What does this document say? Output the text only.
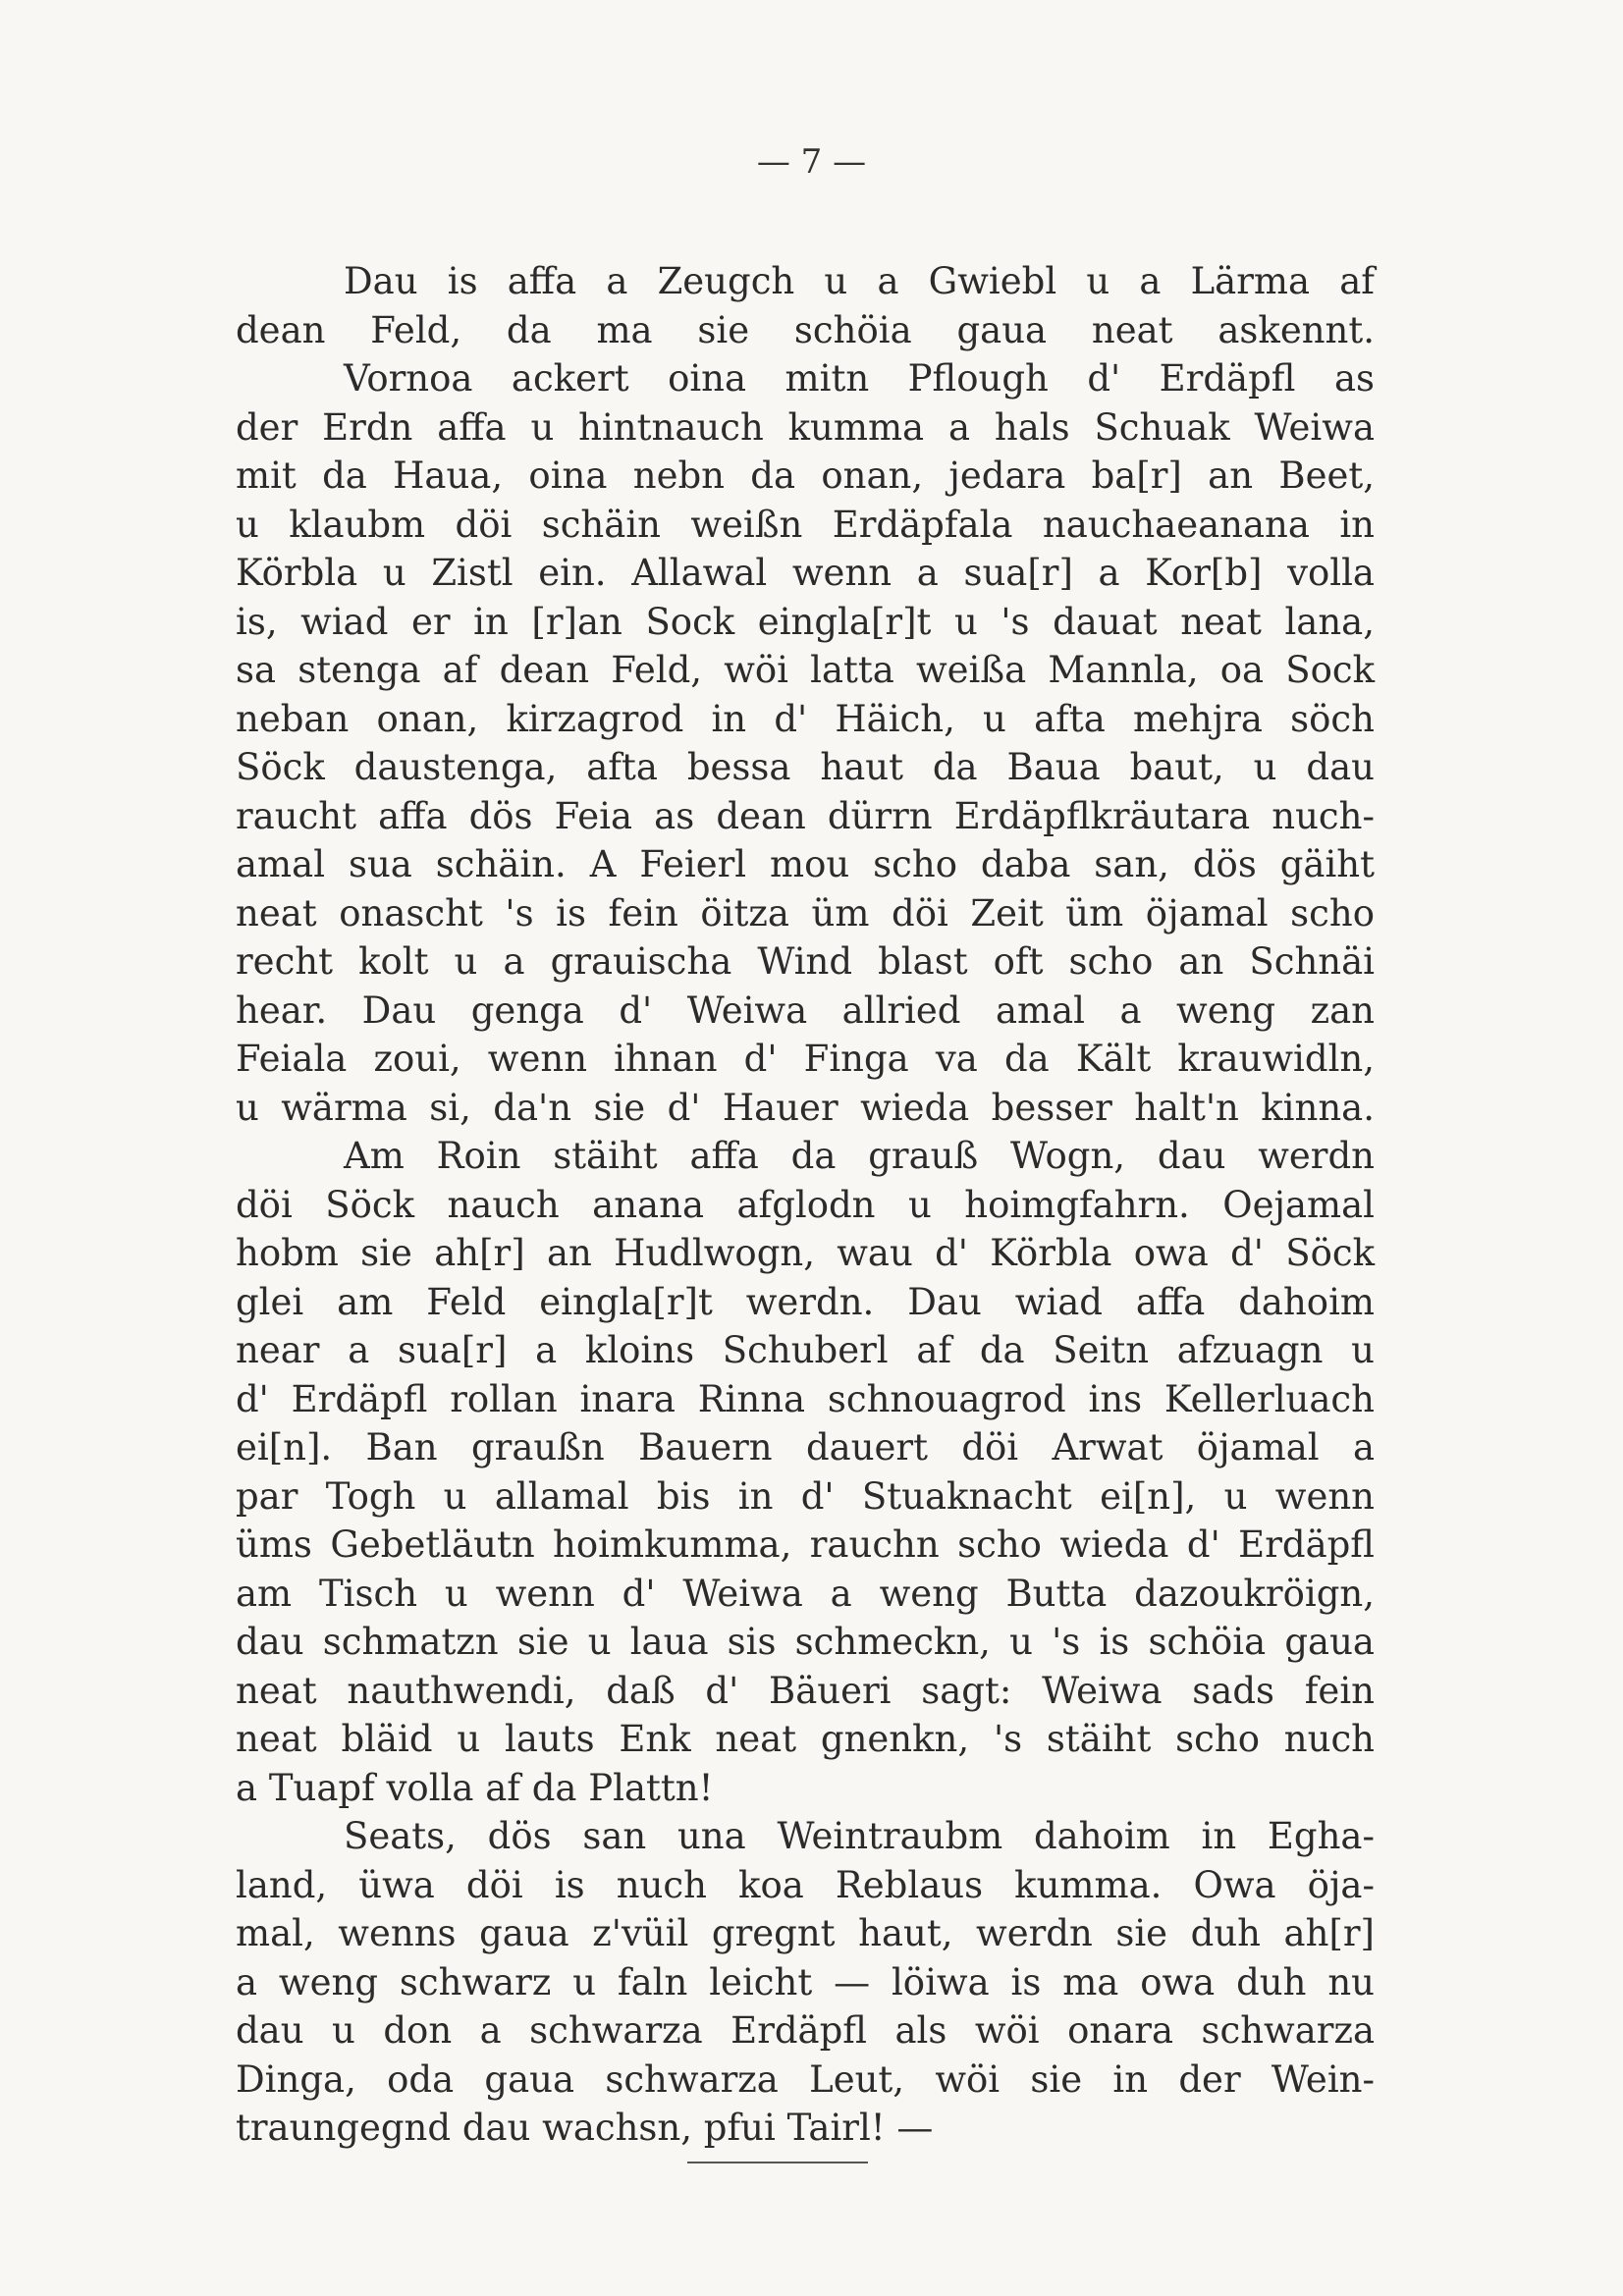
— 7 —
Dau is affa a Zeugch u a Gwiebl u a Lärma af
dean Feld, da ma sie schöia gaua neat askennt.
Vornoa ackert oina mitn Pflough d' Erdäpfl as
der Erdn affa u hintnauch kumma a hals Schuak Weiwa
mit da Haua, oina nebn da onan, jedara ba[r] an Beet,
u klaubm döi schäin weißn Erdäpfala nauchaeanana in
Körbla u Zistl ein. Allawal wenn a sua[r] a Kor[b] volla
is, wiad er in [r]an Sock eingla[r]t u 's dauat neat lana,
sa stenga af dean Feld, wöi latta weißa Mannla, oa Sock
neban onan, kirzagrod in d' Häich, u afta mehjra söch
Söck daustenga, afta bessa haut da Baua baut, u dau
raucht affa dös Feia as dean dürrn Erdäpflkräutara nuch-
amal sua schäin. A Feierl mou scho daba san, dös gäiht
neat onascht 's is fein öitza üm döi Zeit üm öjamal scho
recht kolt u a grauischa Wind blast oft scho an Schnäi
hear. Dau genga d' Weiwa allried amal a weng zan
Feiala zoui, wenn ihnan d' Finga va da Kält krauwidln,
u wärma si, da'n sie d' Hauer wieda besser halt'n kinna.
Am Roin stäiht affa da grauß Wogn, dau werdn
döi Söck nauch anana afglodn u hoimgfahrn. Oejamal
hobm sie ah[r] an Hudlwogn, wau d' Körbla owa d' Söck
glei am Feld eingla[r]t werdn. Dau wiad affa dahoim
near a sua[r] a kloins Schuberl af da Seitn afzuagn u
d' Erdäpfl rollan inara Rinna schnouagrod ins Kellerluach
ei[n]. Ban graußn Bauern dauert döi Arwat öjamal a
par Togh u allamal bis in d' Stuaknacht ei[n], u wenn
üms Gebetläutn hoimkumma, rauchn scho wieda d' Erdäpfl
am Tisch u wenn d' Weiwa a weng Butta dazoukröign,
dau schmatzn sie u laua sis schmeckn, u 's is schöia gaua
neat nauthwendi, daß d' Bäueri sagt: Weiwa sads fein
neat bläid u lauts Enk neat gnenkn, 's stäiht scho nuch
a Tuapf volla af da Plattn!
Seats, dös san una Weintraubm dahoim in Egha-
land, üwa döi is nuch koa Reblaus kumma. Owa öja-
mal, wenns gaua z'vüil gregnt haut, werdn sie duh ah[r]
a weng schwarz u faln leicht — löiwa is ma owa duh nu
dau u don a schwarza Erdäpfl als wöi onara schwarza
Dinga, oda gaua schwarza Leut, wöi sie in der Wein-
traungegnd dau wachsn, pfui Tairl! —
